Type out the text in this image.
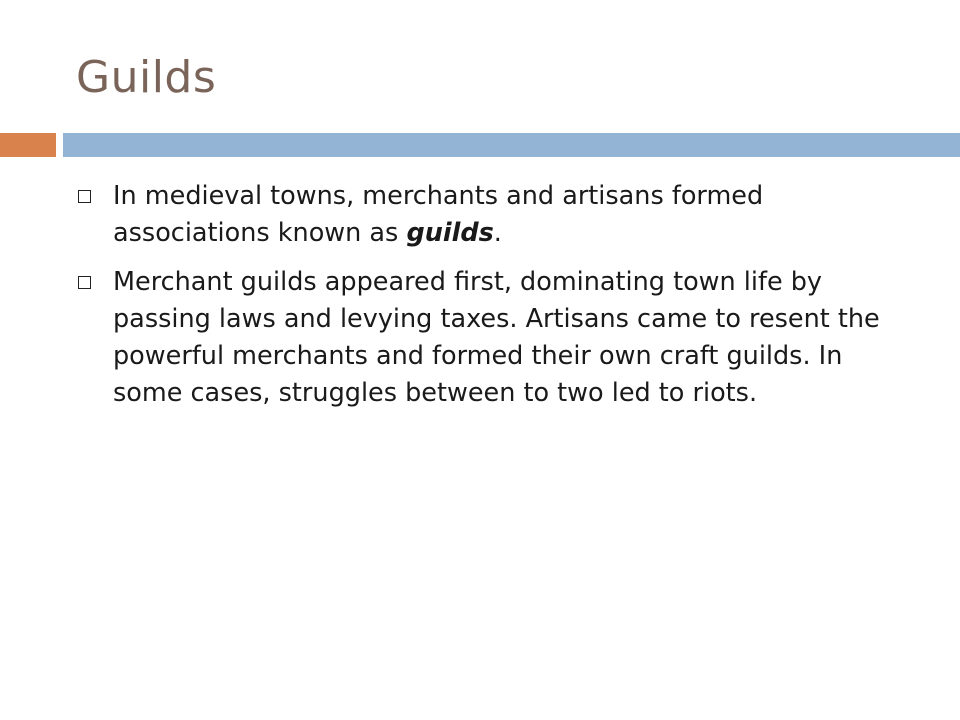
Guilds
In medieval towns, merchants and artisans formed associations known as guilds.
Merchant guilds appeared first, dominating town life by passing laws and levying taxes. Artisans came to resent the powerful merchants and formed their own craft guilds. In some cases, struggles between to two led to riots.
